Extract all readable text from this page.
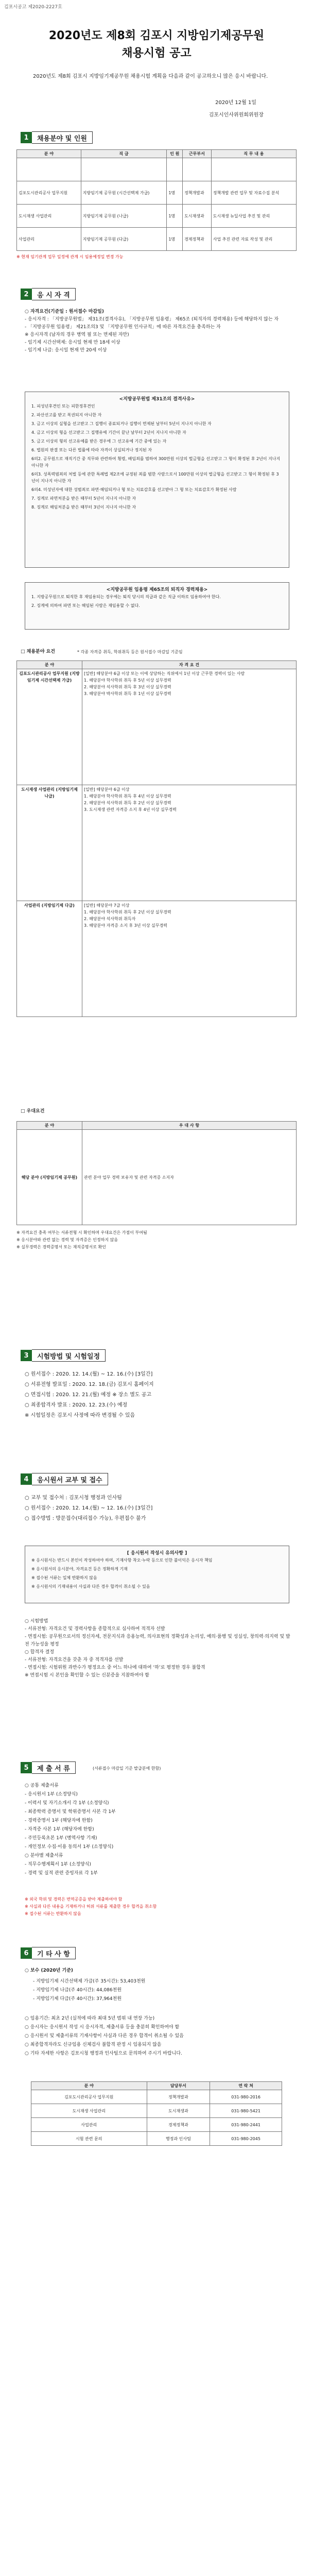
김포시공고 제2020-2227호
2020년도 제8회 김포시 지방임기제공무원
채용시험 공고
2020년도 제8회 김포시 지방임기제공무원 채용시험 계획을 다음과 같이 공고하오니 많은 응시 바랍니다.
2020년 12월 1일
김포시인사위원회위원장
1	채용분야 및 인원
분 야	직 급	인 원	근무부서	직 무 내 용

김포도시관리공사 업무지원	지방임기제 공무원 (시간선택제 가급)	1명	정책개발과	정책개발 관련 업무 및 자료수집 분석
도시재생 사업관리	지방임기제 공무원 (나급)	1명	도시재생과	도시재생 뉴딜사업 추진 및 관리
사업관리	지방임기제 공무원 (다급)	1명	경제정책과	사업 추진 관련 자료 작성 및 관리
※ 현재 임기관계 업무 일정에 관계 시 임용예정일 변경 가능
2	응 시 자 격
○ 자격요건(기준일 : 원서접수 마감일)
- 응시자격 : 「지방공무원법」 제31조(결격사유), 「지방공무원 임용령」 제65조 (퇴직자의 경력채용) 등에 해당하지 않는 자
- 「지방공무원 임용령」 제21조의3 및 「지방공무원 인사규칙」에 따른 자격요건을 충족하는 자
※ 응시자격 (남자의 경우 병역 필 또는 면제된 자만)
- 임기제 시간선택제: 응시일 현재 만 18세 이상
- 임기제 나급: 응시일 현재 만 20세 이상
<지방공무원법 제31조의 결격사유>
1. 피성년후견인 또는 피한정후견인
2. 파산선고를 받고 복권되지 아니한 자
3. 금고 이상의 실형을 선고받고 그 집행이 종료되거나 집행이 면제된 날부터 5년이 지나지 아니한 자
4. 금고 이상의 형을 선고받고 그 집행유예 기간이 끝난 날부터 2년이 지나지 아니한 자
5. 금고 이상의 형의 선고유예를 받은 경우에 그 선고유예 기간 중에 있는 자
6. 법원의 판결 또는 다른 법률에 따라 자격이 상실되거나 정지된 자
6의2. 공무원으로 재직기간 중 직무와 관련하여 횡령, 배임죄를 범하여 300만원 이상의 벌금형을 선고받고 그 형이 확정된 후 2년이 지나지 아니한 자
6의3. 성폭력범죄의 처벌 등에 관한 특례법 제2조에 규정된 죄를 범한 사람으로서 100만원 이상의 벌금형을 선고받고 그 형이 확정된 후 3년이 지나지 아니한 자
6의4. 미성년자에 대한 성범죄로 파면·해임되거나 형 또는 치료감호를 선고받아 그 형 또는 치료감호가 확정된 사람
7. 징계로 파면처분을 받은 때부터 5년이 지나지 아니한 자
8. 징계로 해임처분을 받은 때부터 3년이 지나지 아니한 자
<지방공무원 임용령 제65조의 퇴직자 경력채용>
1. 지방공무원으로 퇴직한 후 재임용되는 경우에는 퇴직 당시의 직급과 같은 직급 이하로 임용하여야 한다.
2. 징계에 의하여 파면 또는 해임된 사람은 재임용할 수 없다.
□ 채용분야 요건	* 각종 자격증 취득, 학위취득 등은 원서접수 마감일 기준임
분 야	자 격 요 건
김포도시관리공사 업무지원 (지방임기제 시간선택제 가급)	[일반] 해당분야 6급 이상 또는 이에 상당하는 직위에서 1년 이상 근무한 경력이 있는 사람
1. 해당분야 학사학위 취득 후 5년 이상 실무경력
2. 해당분야 석사학위 취득 후 3년 이상 실무경력
3. 해당분야 박사학위 취득 후 1년 이상 실무경력
도시재생 사업관리 (지방임기제 나급)	[일반] 해당분야 6급 이상
1. 해당분야 학사학위 취득 후 4년 이상 실무경력
2. 해당분야 석사학위 취득 후 2년 이상 실무경력
3. 도시재생 관련 자격증 소지 후 4년 이상 실무경력
사업관리 (지방임기제 다급)	[일반] 해당분야 7급 이상
1. 해당분야 학사학위 취득 후 2년 이상 실무경력
2. 해당분야 석사학위 취득자
3. 해당분야 자격증 소지 후 3년 이상 실무경력
□ 우대요건
분 야	우 대 사 항
해당 분야 (지방임기제 공무원)	관련 분야 업무 경력 보유자 및 관련 자격증 소지자
※ 자격요건 충족 여부는 서류전형 시 확인하며 우대요건은 가점이 부여됨
※ 응시분야와 관련 없는 경력 및 자격증은 인정하지 않음
※ 실무경력은 경력증명서 또는 재직증명서로 확인
3	시험방법 및 시험일정
○ 원서접수 : 2020. 12. 14.(월) ~ 12. 16.(수) [3일간]
○ 서류전형 발표일 : 2020. 12. 18.(금) 김포시 홈페이지
○ 면접시험 : 2020. 12. 21.(월) 예정 ※ 장소 별도 공고
○ 최종합격자 발표 : 2020. 12. 23.(수) 예정
※ 시험일정은 김포시 사정에 따라 변경될 수 있음
4	응시원서 교부 및 접수
○ 교부 및 접수처 : 김포시청 행정과 인사팀
○ 원서접수 : 2020. 12. 14.(월) ~ 12. 16.(수) [3일간]
○ 접수방법 : 방문접수(대리접수 가능), 우편접수 불가
[ 응시원서 작성시 유의사항 ]
※ 응시원서는 반드시 본인이 작성하여야 하며, 기재사항 착오·누락 등으로 인한 불이익은 응시자 책임
※ 응시원서의 응시분야, 자격요건 등은 정확하게 기재
※ 접수된 서류는 일체 반환하지 않음
※ 응시원서의 기재내용이 사실과 다른 경우 합격이 취소될 수 있음
○ 시험방법
- 서류전형: 자격요건 및 경력사항을 종합적으로 심사하여 적격자 선발
- 면접시험: 공무원으로서의 정신자세, 전문지식과 응용능력, 의사표현의 정확성과 논리성, 예의·품행 및 성실성, 창의력·의지력 및 발전 가능성을 평정
○ 합격자 결정
- 서류전형: 자격요건을 갖춘 자 중 적격자를 선발
- 면접시험: 시험위원 과반수가 평정요소 중 어느 하나에 대하여 ‘하’로 평정한 경우 불합격
※ 면접시험 시 본인을 확인할 수 있는 신분증을 지참하여야 함
5	제 출 서 류	(서류접수 마감일 기준 발급분에 한함)
○ 공통 제출서류
- 응시원서 1부 (소정양식)
- 이력서 및 자기소개서 각 1부 (소정양식)
- 최종학력 증명서 및 학위증명서 사본 각 1부
- 경력증명서 1부 (해당자에 한함)
- 자격증 사본 1부 (해당자에 한함)
- 주민등록초본 1부 (병역사항 기재)
- 개인정보 수집·이용 동의서 1부 (소정양식)
○ 분야별 제출서류
- 직무수행계획서 1부 (소정양식)
- 경력 및 실적 관련 증빙자료 각 1부
※ 외국 학위 및 경력은 번역공증을 받아 제출하여야 함
※ 사실과 다른 내용을 기재하거나 허위 서류를 제출한 경우 합격을 취소함
※ 접수된 서류는 반환하지 않음
6	기 타 사 항
○ 보수 (2020년 기준)
- 지방임기제 시간선택제 가급(주 35시간): 53,403천원
- 지방임기제 나급(주 40시간): 44,086천원
- 지방임기제 다급(주 40시간): 37,964천원
○ 임용기간: 최초 2년 (실적에 따라 최대 5년 범위 내 연장 가능)
○ 응시자는 응시원서 작성 시 응시자격, 제출서류 등을 충분히 확인하여야 함
○ 응시원서 및 제출서류의 기재사항이 사실과 다른 경우 합격이 취소될 수 있음
○ 최종합격자라도 신규임용 신체검사 불합격 판정 시 임용되지 않음
○ 기타 자세한 사항은 김포시청 행정과 인사팀으로 문의하여 주시기 바랍니다.
분 야	담당부서	연 락 처
김포도시관리공사 업무지원	정책개발과	031-980-2016
도시재생 사업관리	도시재생과	031-980-5421
사업관리	경제정책과	031-980-2441
시험 관련 문의	행정과 인사팀	031-980-2045
